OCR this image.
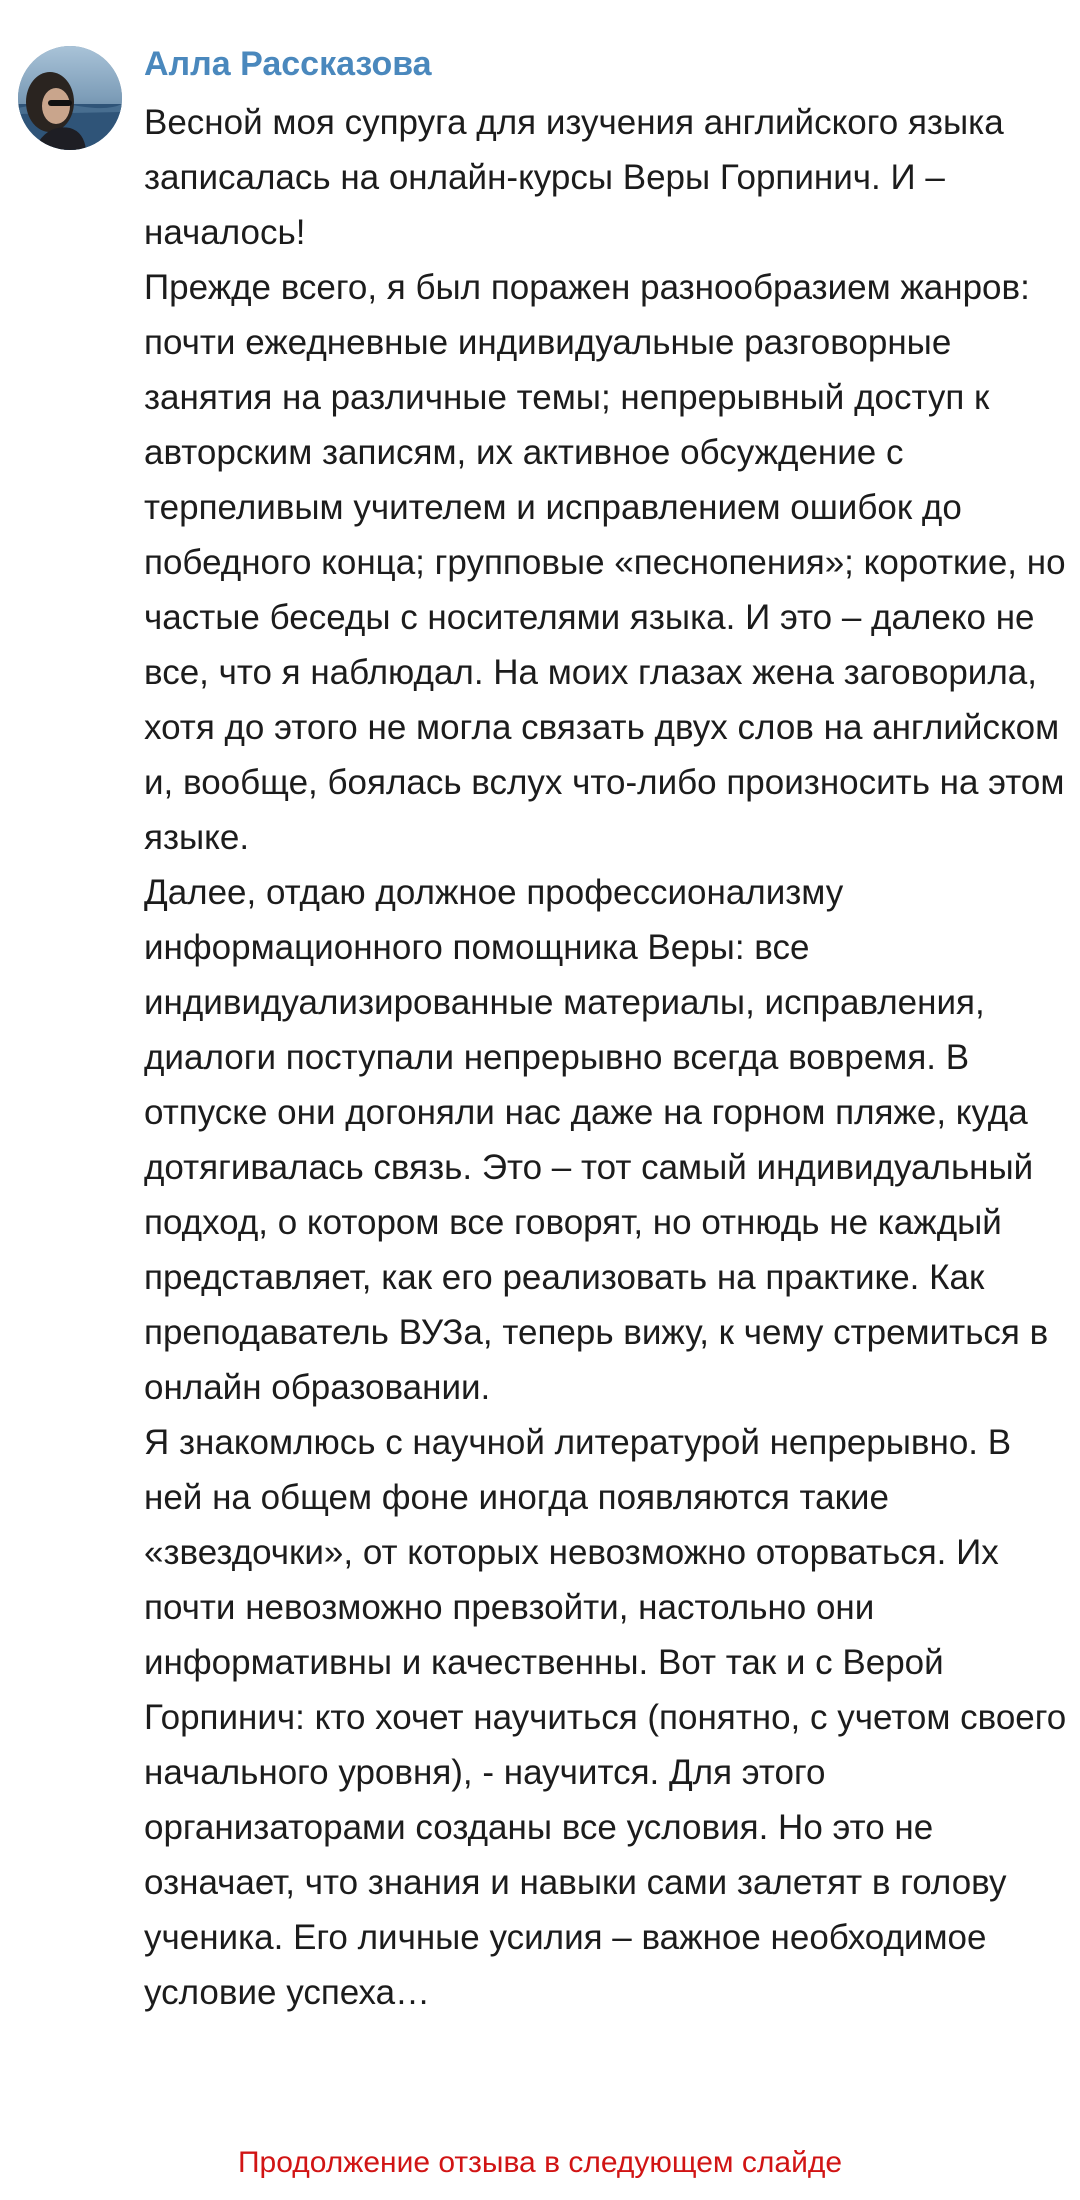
Алла Рассказова

Весной моя супруга для изучения английского языка записалась на онлайн-курсы Веры Горпинич. И – началось!

Прежде всего, я был поражен разнообразием жанров: почти ежедневные индивидуальные разговорные занятия на различные темы; непрерывный доступ к авторским записям, их активное обсуждение с терпеливым учителем и исправлением ошибок до победного конца; групповые «песнопения»; короткие, но частые беседы с носителями языка. И это – далеко не все, что я наблюдал. На моих глазах жена заговорила, хотя до этого не могла связать двух слов на английском и, вообще, боялась вслух что-либо произносить на этом языке.

Далее, отдаю должное профессионализму информационного помощника Веры: все индивидуализированные материалы, исправления, диалоги поступали непрерывно всегда вовремя. В отпуске они догоняли нас даже на горном пляже, куда дотягивалась связь. Это – тот самый индивидуальный подход, о котором все говорят, но отнюдь не каждый представляет, как его реализовать на практике. Как преподаватель ВУЗа, теперь вижу, к чему стремиться в онлайн образовании.

Я знакомлюсь с научной литературой непрерывно. В ней на общем фоне иногда появляются такие «звездочки», от которых невозможно оторваться. Их почти невозможно превзойти, настольно они информативны и качественны. Вот так и с Верой Горпинич: кто хочет научиться (понятно, с учетом своего начального уровня), - научится. Для этого организаторами созданы все условия. Но это не означает, что знания и навыки сами залетят в голову ученика. Его личные усилия – важное необходимое условие успеха…

Продолжение отзыва в следующем слайде
